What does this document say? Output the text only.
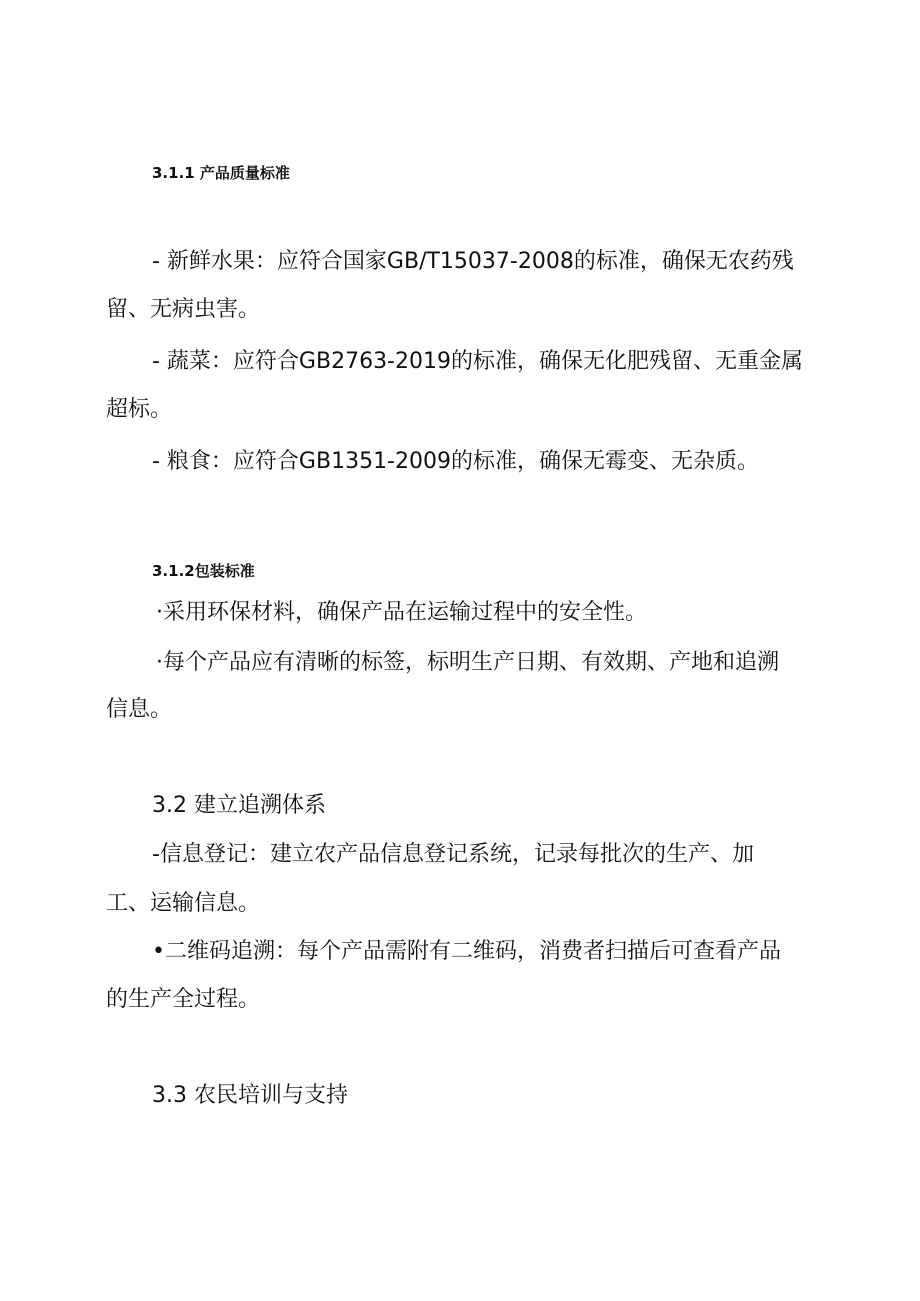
3.1.1 产品质量标准
- 新鲜水果：应符合国家GB/T15037-2008的标准，确保无农药残
留、无病虫害。
- 蔬菜：应符合GB2763-2019的标准，确保无化肥残留、无重金属
超标。
- 粮食：应符合GB1351-2009的标准，确保无霉变、无杂质。
3.1.2包装标准
·采用环保材料，确保产品在运输过程中的安全性。
·每个产品应有清晰的标签，标明生产日期、有效期、产地和追溯
信息。
3.2 建立追溯体系
-信息登记：建立农产品信息登记系统，记录每批次的生产、加
工、运输信息。
•二维码追溯：每个产品需附有二维码，消费者扫描后可查看产品
的生产全过程。
3.3 农民培训与支持
